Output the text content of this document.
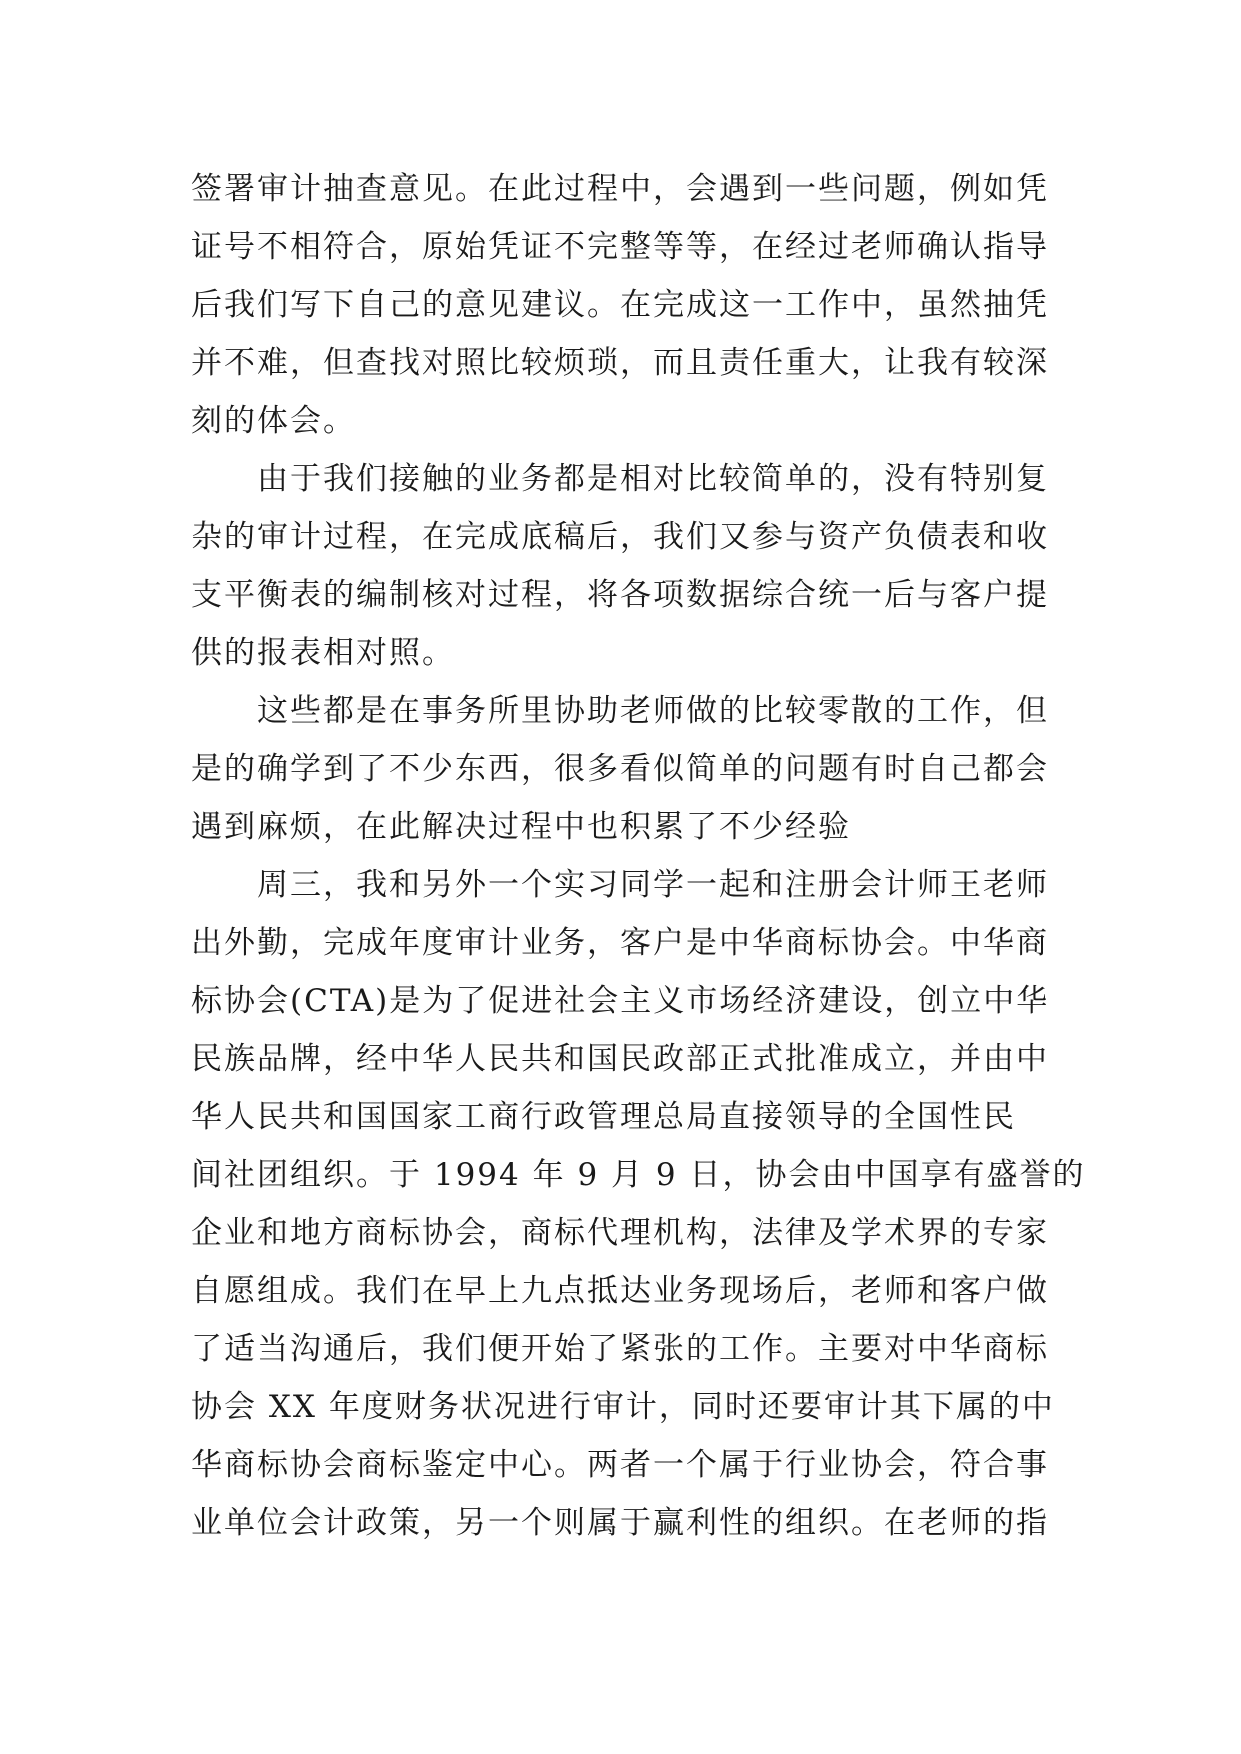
签署审计抽查意见。在此过程中，会遇到一些问题，例如凭
证号不相符合，原始凭证不完整等等，在经过老师确认指导
后我们写下自己的意见建议。在完成这一工作中，虽然抽凭
并不难，但查找对照比较烦琐，而且责任重大，让我有较深
刻的体会。
由于我们接触的业务都是相对比较简单的，没有特别复
杂的审计过程，在完成底稿后，我们又参与资产负债表和收
支平衡表的编制核对过程，将各项数据综合统一后与客户提
供的报表相对照。
这些都是在事务所里协助老师做的比较零散的工作，但
是的确学到了不少东西，很多看似简单的问题有时自己都会
遇到麻烦，在此解决过程中也积累了不少经验
周三，我和另外一个实习同学一起和注册会计师王老师
出外勤，完成年度审计业务，客户是中华商标协会。中华商
标协会(CTA)是为了促进社会主义市场经济建设，创立中华
民族品牌，经中华人民共和国民政部正式批准成立，并由中
华人民共和国国家工商行政管理总局直接领导的全国性民
间社团组织。于 1994 年 9 月 9 日，协会由中国享有盛誉的
企业和地方商标协会，商标代理机构，法律及学术界的专家
自愿组成。我们在早上九点抵达业务现场后，老师和客户做
了适当沟通后，我们便开始了紧张的工作。主要对中华商标
协会 XX 年度财务状况进行审计，同时还要审计其下属的中
华商标协会商标鉴定中心。两者一个属于行业协会，符合事
业单位会计政策，另一个则属于赢利性的组织。在老师的指
